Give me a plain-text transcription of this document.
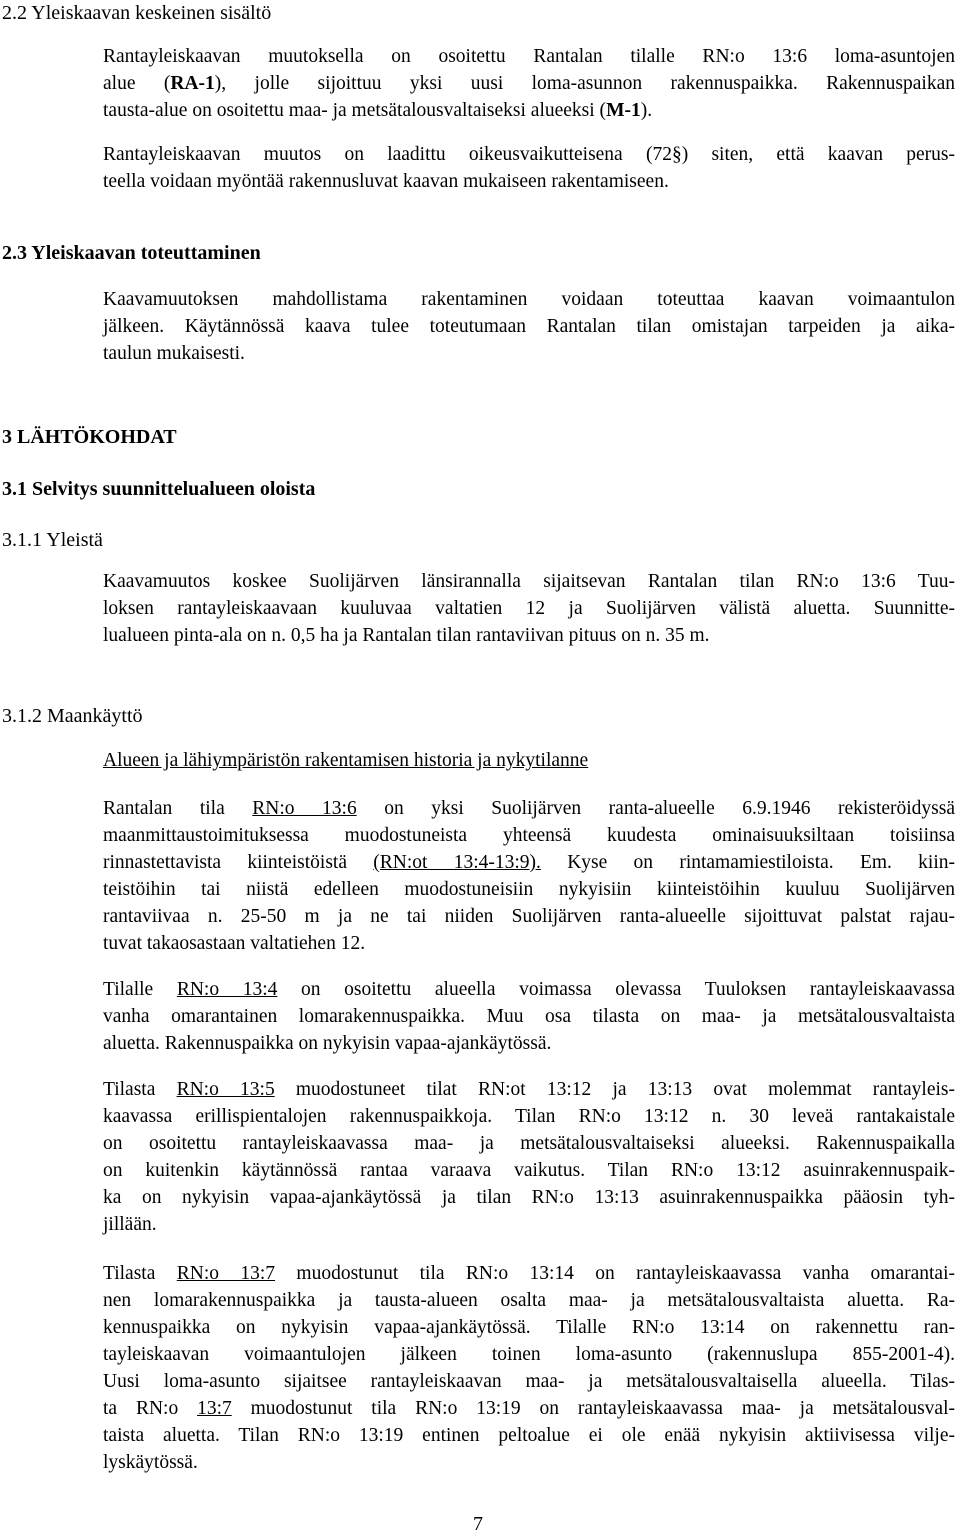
2.2 Yleiskaavan keskeinen sisältö
Rantayleiskaavan muutoksella on osoitettu Rantalan tilalle RN:o 13:6 loma-asuntojen
alue (RA-1), jolle sijoittuu yksi uusi loma-asunnon rakennuspaikka. Rakennuspaikan
tausta-alue on osoitettu maa- ja metsätalousvaltaiseksi alueeksi (M-1).
Rantayleiskaavan muutos on laadittu oikeusvaikutteisena (72§) siten, että kaavan perus-
teella voidaan myöntää rakennusluvat kaavan mukaiseen rakentamiseen.
2.3 Yleiskaavan toteuttaminen
Kaavamuutoksen mahdollistama rakentaminen voidaan toteuttaa kaavan voimaantulon
jälkeen. Käytännössä kaava tulee toteutumaan Rantalan tilan omistajan tarpeiden ja aika-
taulun mukaisesti.
3 LÄHTÖKOHDAT
3.1 Selvitys suunnittelualueen oloista
3.1.1 Yleistä
Kaavamuutos koskee Suolijärven länsirannalla sijaitsevan Rantalan tilan RN:o 13:6 Tuu-
loksen rantayleiskaavaan kuuluvaa valtatien 12 ja Suolijärven välistä aluetta. Suunnitte-
lualueen pinta-ala on n. 0,5 ha ja Rantalan tilan rantaviivan pituus on n. 35 m.
3.1.2 Maankäyttö
Alueen ja lähiympäristön rakentamisen historia ja nykytilanne
Rantalan tila RN:o 13:6 on yksi Suolijärven ranta-alueelle 6.9.1946 rekisteröidyssä
maanmittaustoimituksessa muodostuneista yhteensä kuudesta ominaisuuksiltaan toisiinsa
rinnastettavista kiinteistöistä (RN:ot 13:4-13:9). Kyse on rintamamiestiloista. Em. kiin-
teistöihin tai niistä edelleen muodostuneisiin nykyisiin kiinteistöihin kuuluu Suolijärven
rantaviivaa n. 25-50 m ja ne tai niiden Suolijärven ranta-alueelle sijoittuvat palstat rajau-
tuvat takaosastaan valtatiehen 12.
Tilalle RN:o 13:4 on osoitettu alueella voimassa olevassa Tuuloksen rantayleiskaavassa
vanha omarantainen lomarakennuspaikka. Muu osa tilasta on maa- ja metsätalousvaltaista
aluetta. Rakennuspaikka on nykyisin vapaa-ajankäytössä.
Tilasta RN:o 13:5 muodostuneet tilat RN:ot 13:12 ja 13:13 ovat molemmat rantayleis-
kaavassa erillispientalojen rakennuspaikkoja. Tilan RN:o 13:12 n. 30 leveä rantakaistale
on osoitettu rantayleiskaavassa maa- ja metsätalousvaltaiseksi alueeksi. Rakennuspaikalla
on kuitenkin käytännössä rantaa varaava vaikutus. Tilan RN:o 13:12 asuinrakennuspaik-
ka on nykyisin vapaa-ajankäytössä ja tilan RN:o 13:13 asuinrakennuspaikka pääosin tyh-
jillään.
Tilasta RN:o 13:7 muodostunut tila RN:o 13:14 on rantayleiskaavassa vanha omarantai-
nen lomarakennuspaikka ja tausta-alueen osalta maa- ja metsätalousvaltaista aluetta. Ra-
kennuspaikka on nykyisin vapaa-ajankäytössä. Tilalle RN:o 13:14 on rakennettu ran-
tayleiskaavan voimaantulojen jälkeen toinen loma-asunto (rakennuslupa 855-2001-4).
Uusi loma-asunto sijaitsee rantayleiskaavan maa- ja metsätalousvaltaisella alueella. Tilas-
ta RN:o 13:7 muodostunut tila RN:o 13:19 on rantayleiskaavassa maa- ja metsätalousval-
taista aluetta. Tilan RN:o 13:19 entinen peltoalue ei ole enää nykyisin aktiivisessa vilje-
lyskäytössä.
7
